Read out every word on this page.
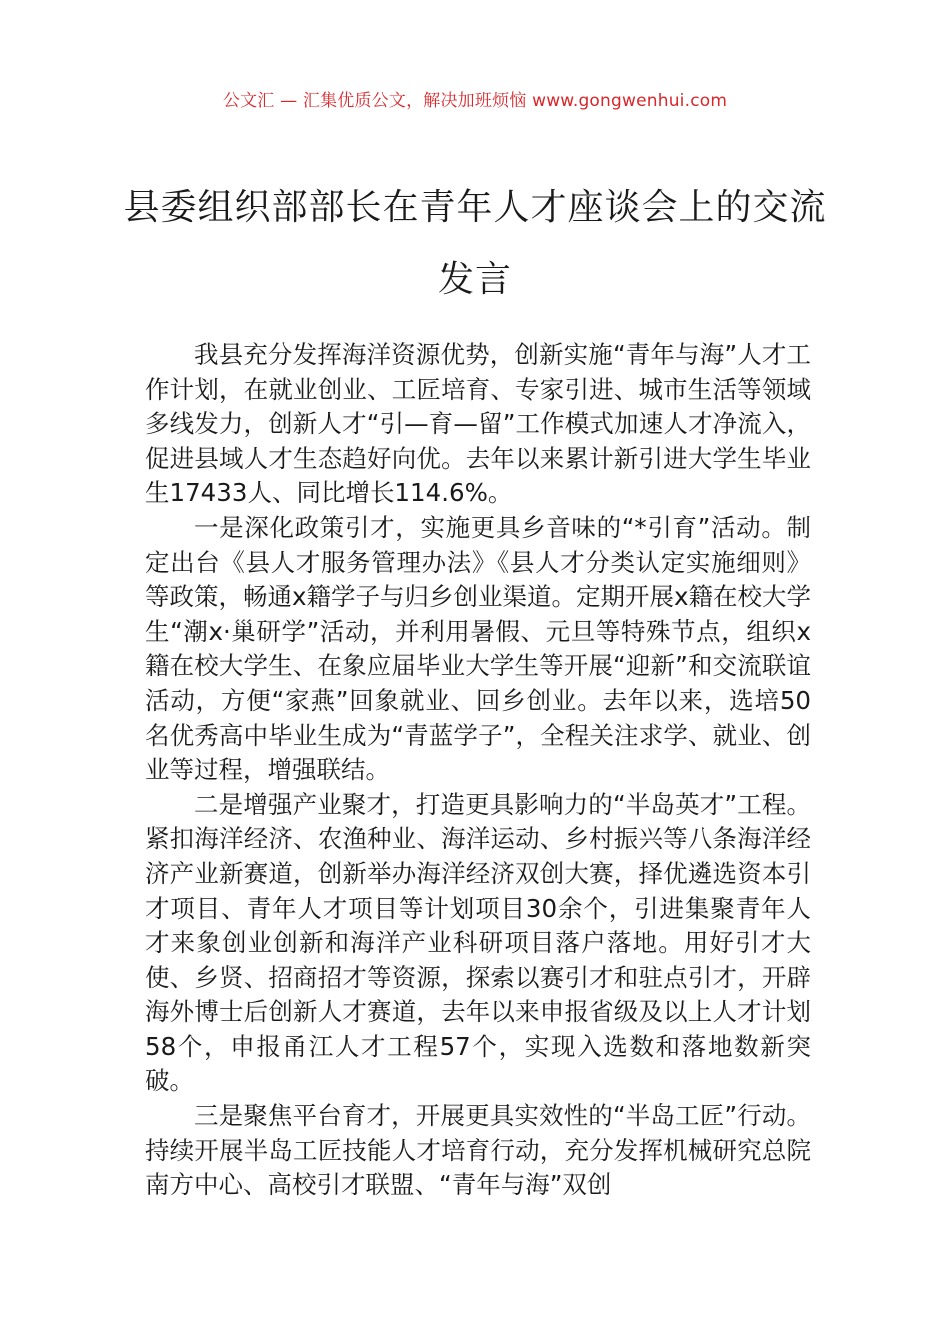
公文汇 — 汇集优质公文，解决加班烦恼 www.gongwenhui.com
县委组织部部长在青年人才座谈会上的交流发言

我县充分发挥海洋资源优势，创新实施“青年与海”人才工作计划，在就业创业、工匠培育、专家引进、城市生活等领域多线发力，创新人才“引—育—留”工作模式加速人才净流入，促进县域人才生态趋好向优。去年以来累计新引进大学生毕业生17433人、同比增长114.6%。

一是深化政策引才，实施更具乡音味的“*引育”活动。制定出台《县人才服务管理办法》《县人才分类认定实施细则》等政策，畅通x籍学子与归乡创业渠道。定期开展x籍在校大学生“潮x·巢研学”活动，并利用暑假、元旦等特殊节点，组织x籍在校大学生、在象应届毕业大学生等开展“迎新”和交流联谊活动，方便“家燕”回象就业、回乡创业。去年以来，选培50名优秀高中毕业生成为“青蓝学子”，全程关注求学、就业、创业等过程，增强联结。

二是增强产业聚才，打造更具影响力的“半岛英才”工程。紧扣海洋经济、农渔种业、海洋运动、乡村振兴等八条海洋经济产业新赛道，创新举办海洋经济双创大赛，择优遴选资本引才项目、青年人才项目等计划项目30余个，引进集聚青年人才来象创业创新和海洋产业科研项目落户落地。用好引才大使、乡贤、招商招才等资源，探索以赛引才和驻点引才，开辟海外博士后创新人才赛道，去年以来申报省级及以上人才计划58个，申报甬江人才工程57个，实现入选数和落地数新突破。

三是聚焦平台育才，开展更具实效性的“半岛工匠”行动。持续开展半岛工匠技能人才培育行动，充分发挥机械研究总院南方中心、高校引才联盟、“青年与海”双创
